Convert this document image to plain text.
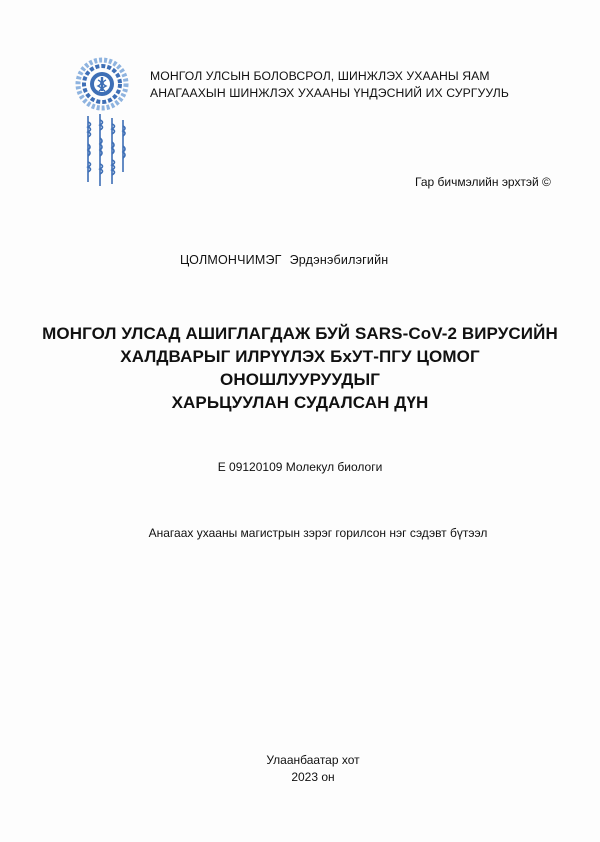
МОНГОЛ УЛСЫН БОЛОВСРОЛ, ШИНЖЛЭХ УХААНЫ ЯАМ
АНАГААХЫН ШИНЖЛЭХ УХААНЫ ҮНДЭСНИЙ ИХ СУРГУУЛЬ
Гар бичмэлийн эрхтэй ©
ЦОЛМОНЧИМЭГ Эрдэнэбилэгийн
МОНГОЛ УЛСАД АШИГЛАГДАЖ БУЙ SARS-CoV-2 ВИРУСИЙН
ХАЛДВАРЫГ ИЛРҮҮЛЭХ БхУТ-ПГУ ЦОМОГ ОНОШЛУУРУУДЫГ
ХАРЬЦУУЛАН СУДАЛСАН ДҮН
Е 09120109 Молекул биологи
Анагаах ухааны магистрын зэрэг горилсон нэг сэдэвт бүтээл
Улаанбаатар хот
2023 он
